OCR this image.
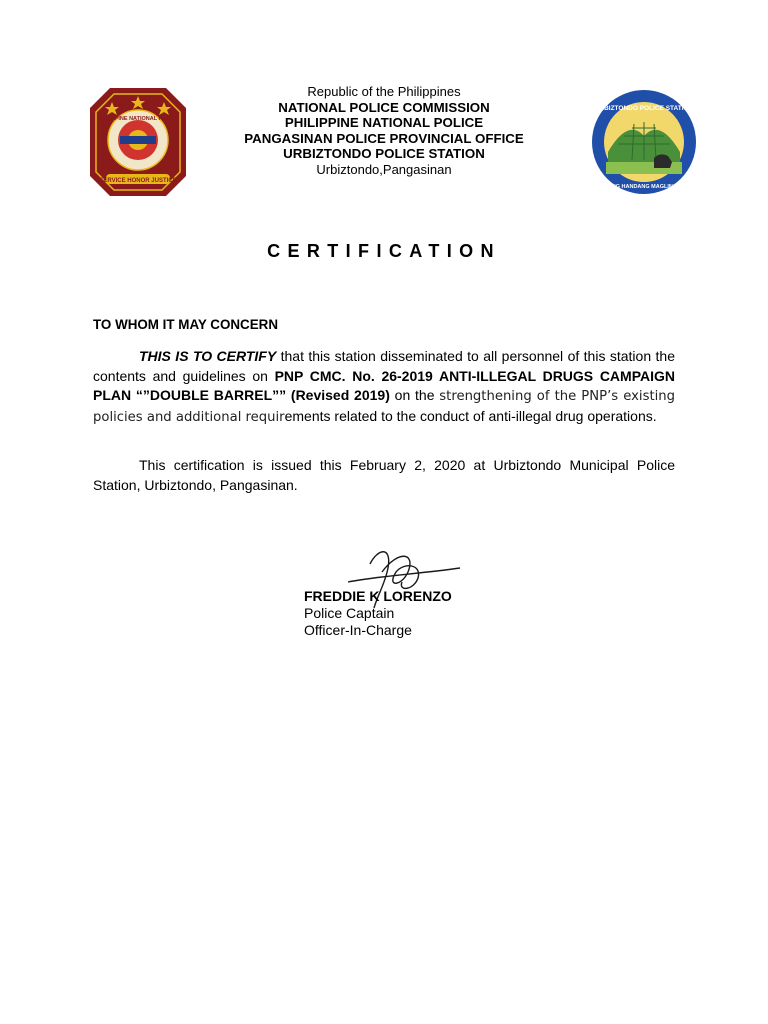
SERVICE HONOR JUSTICE
PHILIPPINE NATIONAL POLICE
Republic of the Philippines
NATIONAL POLICE COMMISSION
PHILIPPINE NATIONAL POLICE
PANGASINAN POLICE PROVINCIAL OFFICE
URBIZTONDO POLICE STATION
Urbiztondo,Pangasinan
URBIZTONDO POLICE STATION
LAGING HANDANG MAGLINGKOD
CERTIFICATION
TO WHOM IT MAY CONCERN

THIS IS TO CERTIFY that this station disseminated to all personnel of this station the contents and guidelines on PNP CMC. No. 26-2019 ANTI-ILLEGAL DRUGS CAMPAIGN PLAN “”DOUBLE BARREL”” (Revised 2019) on the strengthening of the PNP’s existing policies and additional requirements related to the conduct of anti-illegal drug operations.

This certification is issued this February 2, 2020 at Urbiztondo Municipal Police Station, Urbiztondo, Pangasinan.

FREDDIE K LORENZO
Police Captain
Officer-In-Charge
